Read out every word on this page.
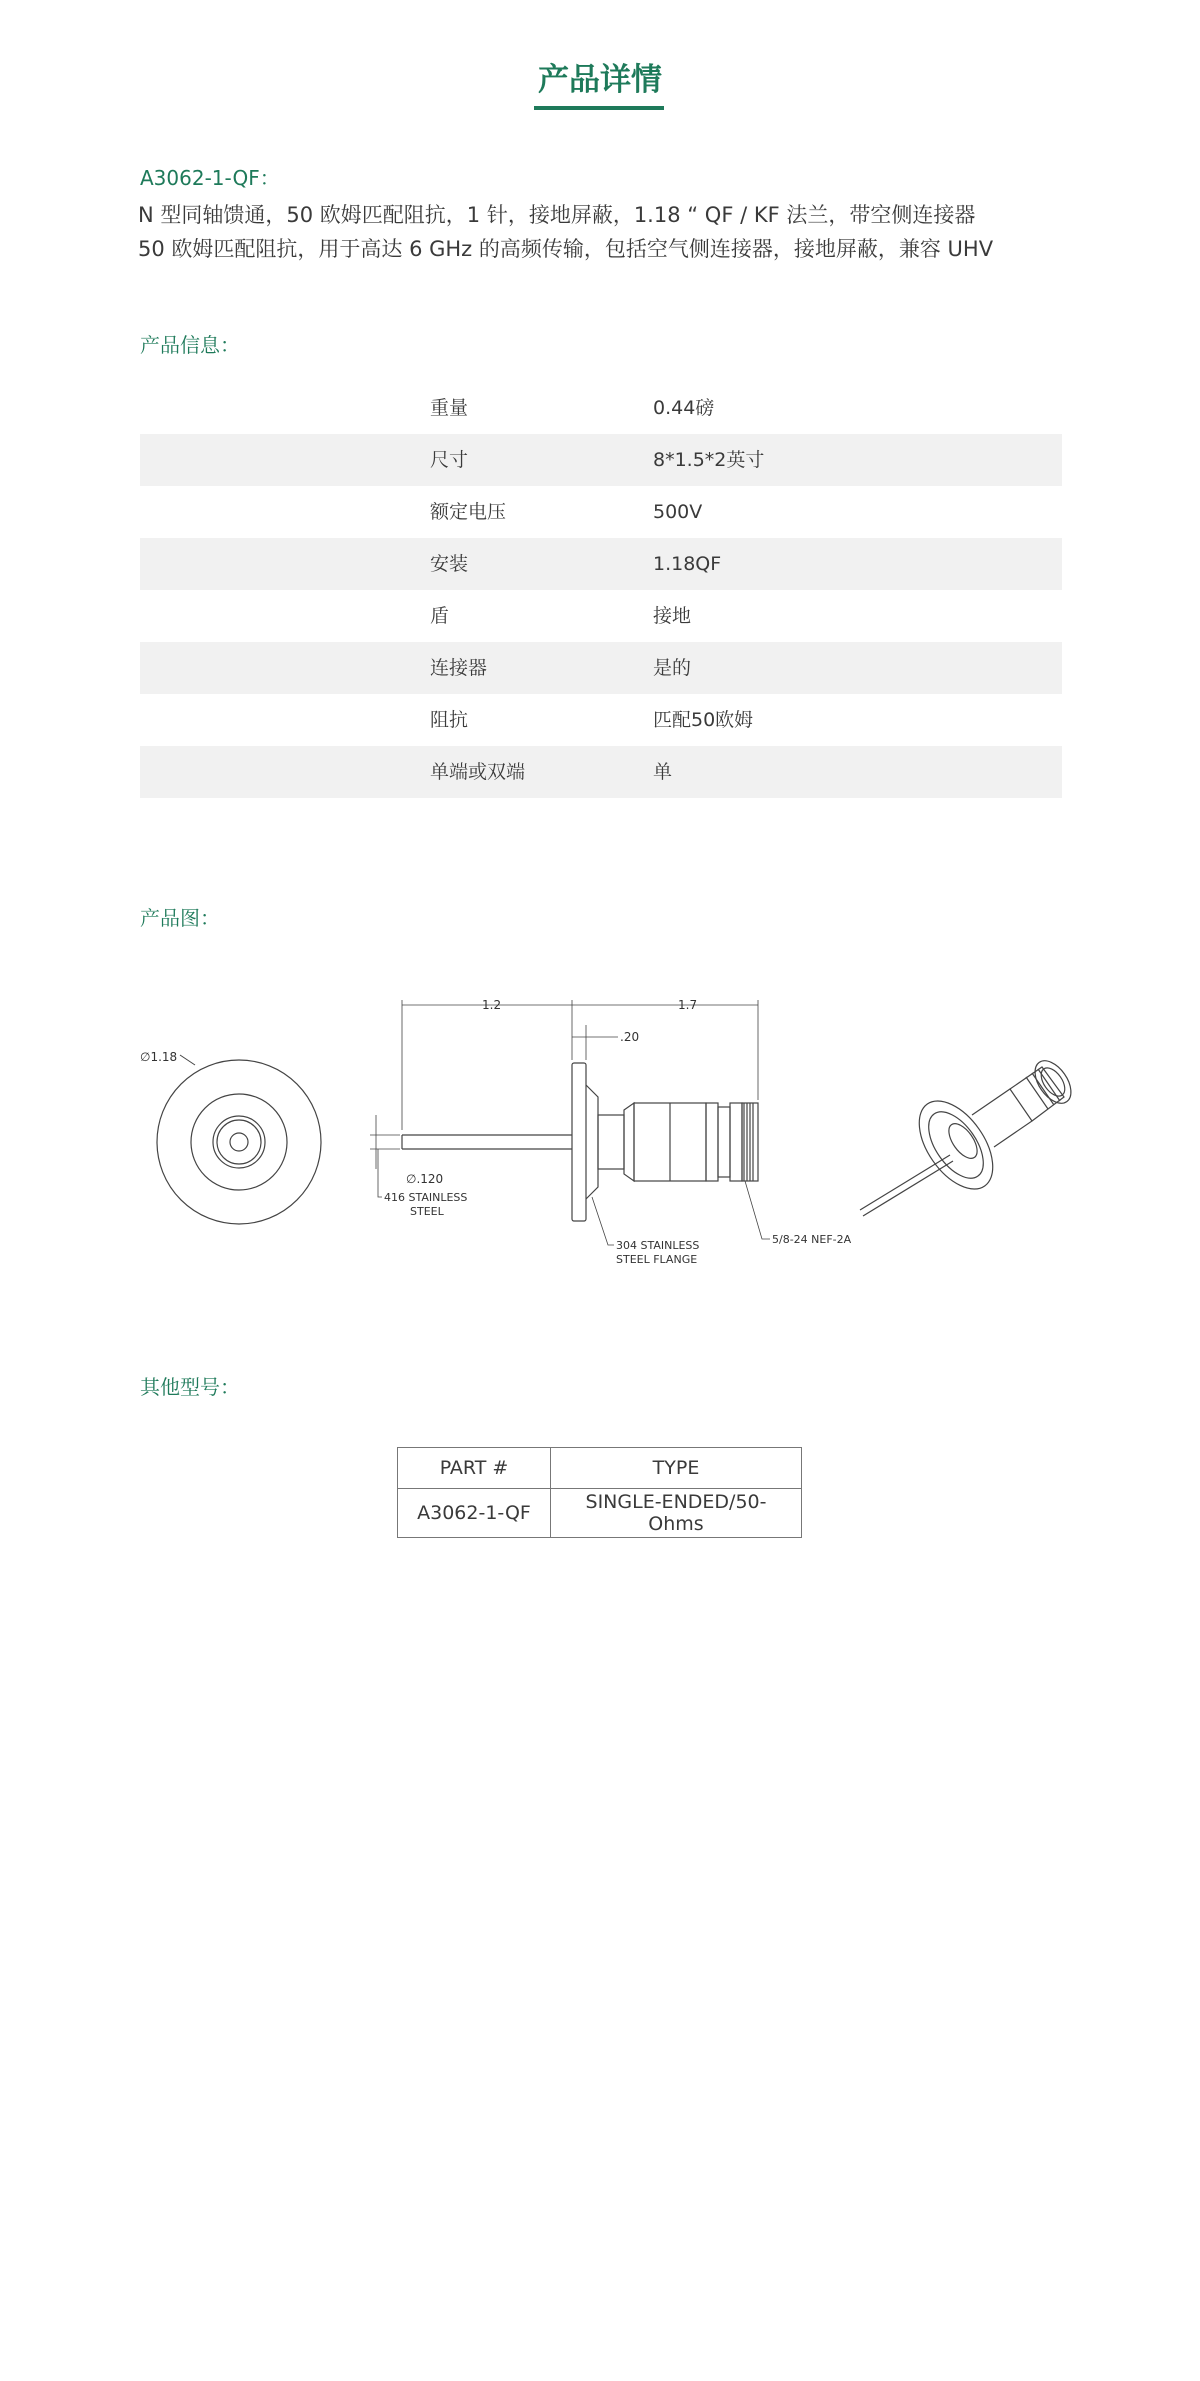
产品详情

A3062-1-QF：

N 型同轴馈通，50 欧姆匹配阻抗，1 针，接地屏蔽，1.18 “ QF / KF 法兰，带空侧连接器

50 欧姆匹配阻抗，用于高达 6 GHz 的高频传输，包括空气侧连接器，接地屏蔽，兼容 UHV

产品信息：

重量	0.44磅
尺寸	8*1.5*2英寸
额定电压	500V
安装	1.18QF
盾	接地
连接器	是的
阻抗	匹配50欧姆
单端或双端	单

产品图：

∅1.18
1.2	1.7
.20
∅.120
416 STAINLESS
STEEL
304 STAINLESS
STEEL FLANGE
5/8-24 NEF-2A

其他型号：

PART #	TYPE
A3062-1-QF	SINGLE-ENDED/50-Ohms
